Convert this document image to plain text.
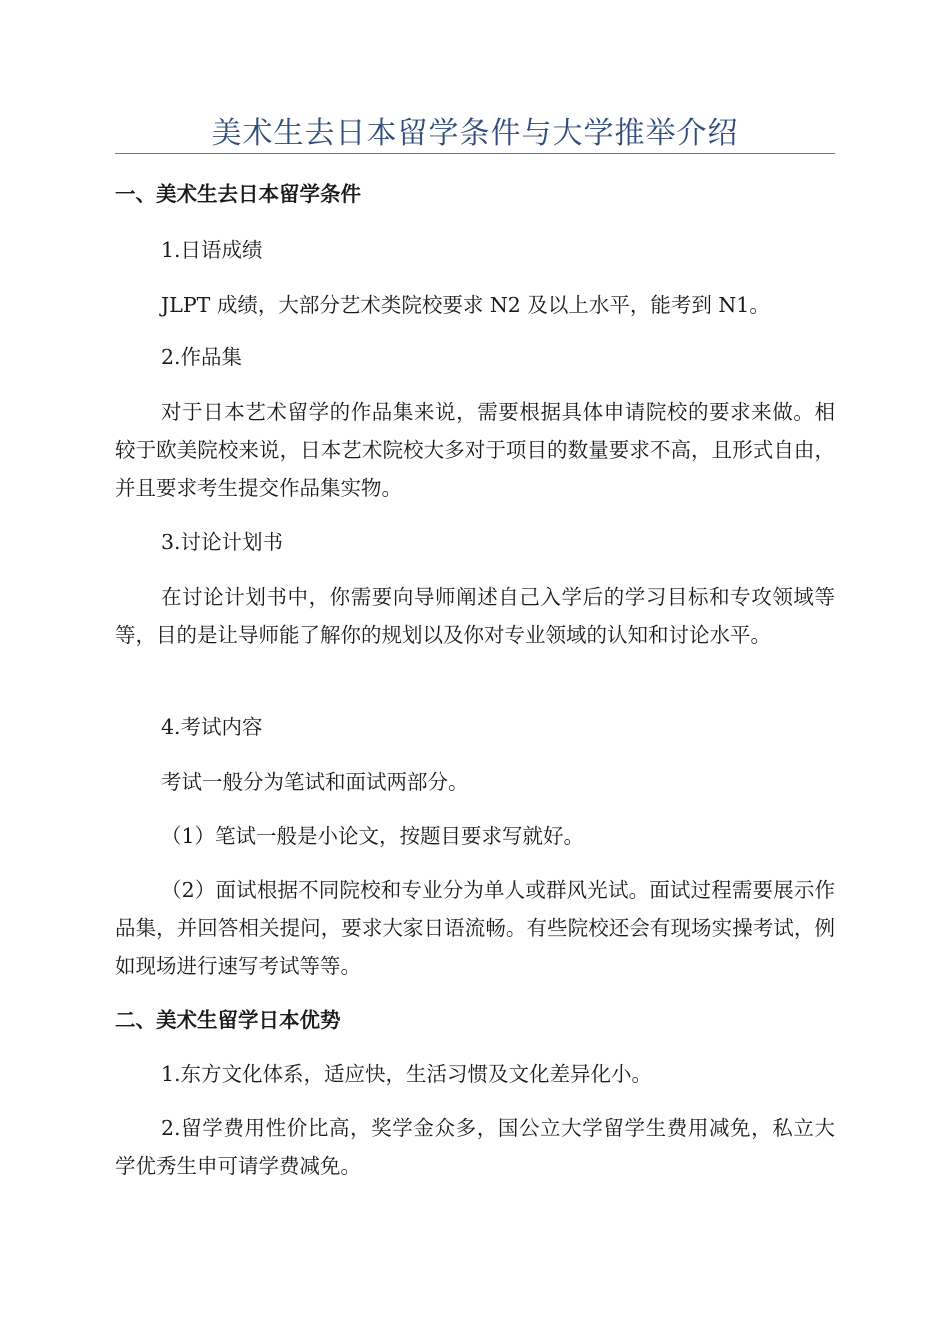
美术生去日本留学条件与大学推举介绍
一、美术生去日本留学条件

1.日语成绩

JLPT 成绩，大部分艺术类院校要求 N2 及以上水平，能考到 N1。

2.作品集

对于日本艺术留学的作品集来说，需要根据具体申请院校的要求来做。相较于欧美院校来说，日本艺术院校大多对于项目的数量要求不高，且形式自由，并且要求考生提交作品集实物。

3.讨论计划书

在讨论计划书中，你需要向导师阐述自己入学后的学习目标和专攻领域等等，目的是让导师能了解你的规划以及你对专业领域的认知和讨论水平。

4.考试内容

考试一般分为笔试和面试两部分。

（1）笔试一般是小论文，按题目要求写就好。

（2）面试根据不同院校和专业分为单人或群风光试。面试过程需要展示作品集，并回答相关提问，要求大家日语流畅。有些院校还会有现场实操考试，例如现场进行速写考试等等。

二、美术生留学日本优势

1.东方文化体系，适应快，生活习惯及文化差异化小。

2.留学费用性价比高，奖学金众多，国公立大学留学生费用减免，私立大学优秀生申可请学费减免。
